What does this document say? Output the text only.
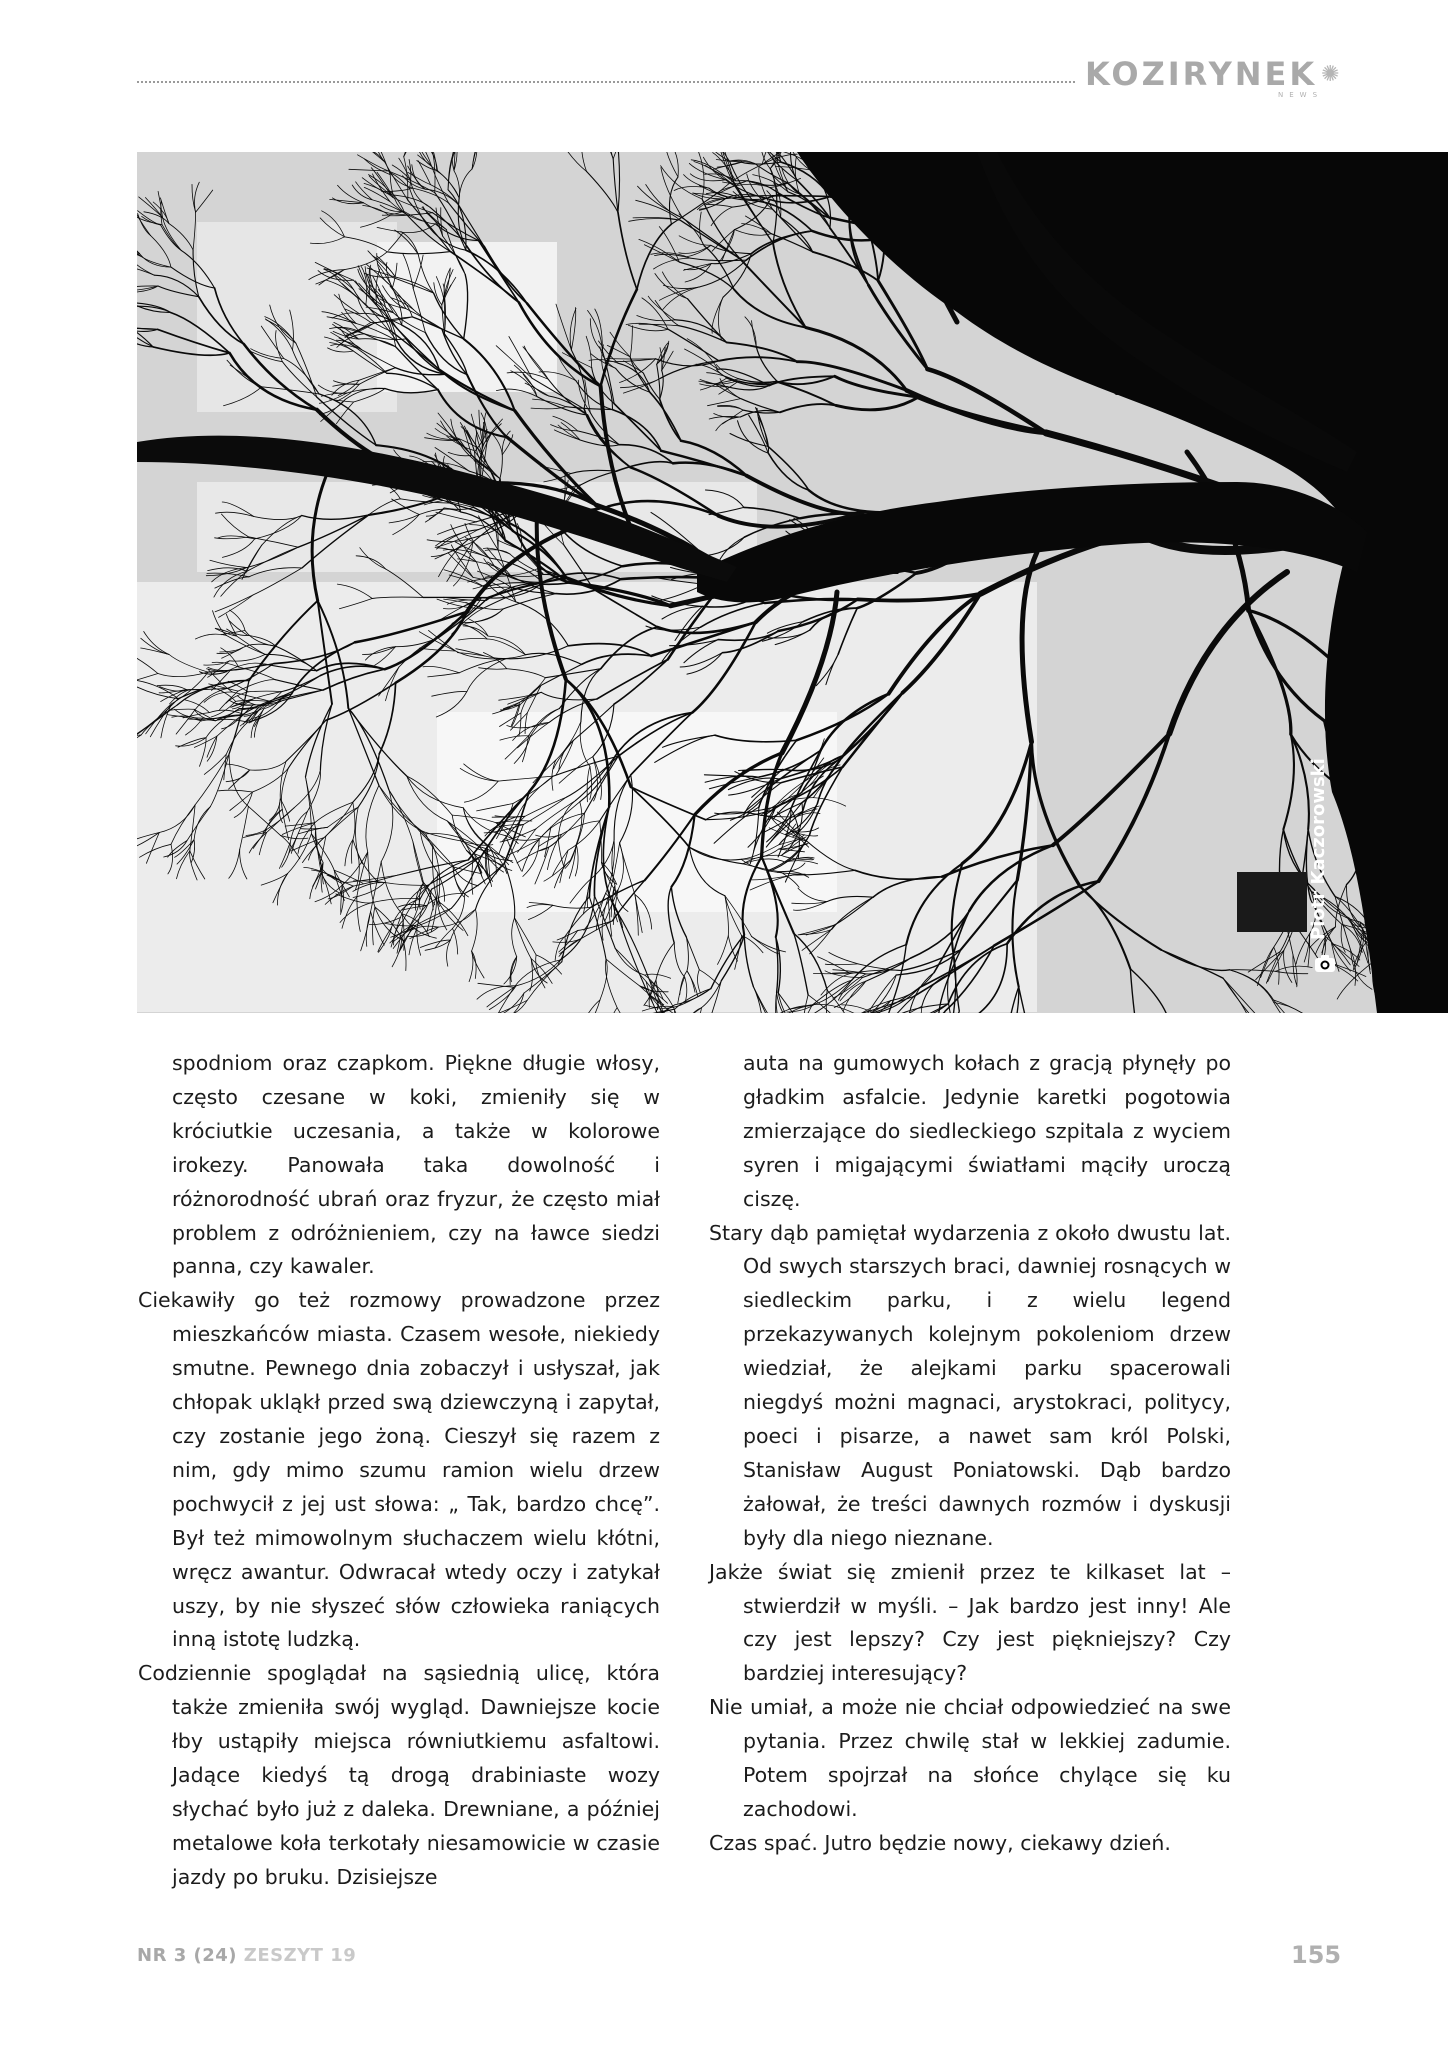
KOZIRYNEK ✺
NEWS
Piotr Kaczorowski

spodniom oraz czapkom. Piękne długie włosy, często czesane w koki, zmieniły się w króciutkie uczesania, a także w kolorowe irokezy. Panowała taka dowolność i różnorodność ubrań oraz fryzur, że często miał problem z odróżnieniem, czy na ławce siedzi panna, czy kawaler.

Ciekawiły go też rozmowy prowadzone przez mieszkańców miasta. Czasem wesołe, niekiedy smutne. Pewnego dnia zobaczył i usłyszał, jak chłopak ukląkł przed swą dziewczyną i zapytał, czy zostanie jego żoną. Cieszył się razem z nim, gdy mimo szumu ramion wielu drzew pochwycił z jej ust słowa: „ Tak, bardzo chcę”. Był też mimowolnym słuchaczem wielu kłótni, wręcz awantur. Odwracał wtedy oczy i zatykał uszy, by nie słyszeć słów człowieka raniących inną istotę ludzką.

Codziennie spoglądał na sąsiednią ulicę, która także zmieniła swój wygląd. Dawniejsze kocie łby ustąpiły miejsca równiutkiemu asfaltowi. Jadące kiedyś tą drogą drabiniaste wozy słychać było już z daleka. Drewniane, a później metalowe koła terkotały niesamowicie w czasie jazdy po bruku. Dzisiejsze

auta na gumowych kołach z gracją płynęły po gładkim asfalcie. Jedynie karetki pogotowia zmierzające do siedleckiego szpitala z wyciem syren i migającymi światłami mąciły uroczą ciszę.

Stary dąb pamiętał wydarzenia z około dwustu lat. Od swych starszych braci, dawniej rosnących w siedleckim parku, i z wielu legend przekazywanych kolejnym pokoleniom drzew wiedział, że alejkami parku spacerowali niegdyś możni magnaci, arystokraci, politycy, poeci i pisarze, a nawet sam król Polski, Stanisław August Poniatowski. Dąb bardzo żałował, że treści dawnych rozmów i dyskusji były dla niego nieznane.

Jakże świat się zmienił przez te kilkaset lat – stwierdził w myśli. – Jak bardzo jest inny! Ale czy jest lepszy? Czy jest piękniejszy? Czy bardziej interesujący?

Nie umiał, a może nie chciał odpowiedzieć na swe pytania. Przez chwilę stał w lekkiej zadumie. Potem spojrzał na słońce chylące się ku zachodowi.

Czas spać. Jutro będzie nowy, ciekawy dzień.

NR 3 (24) ZESZYT 19	155
